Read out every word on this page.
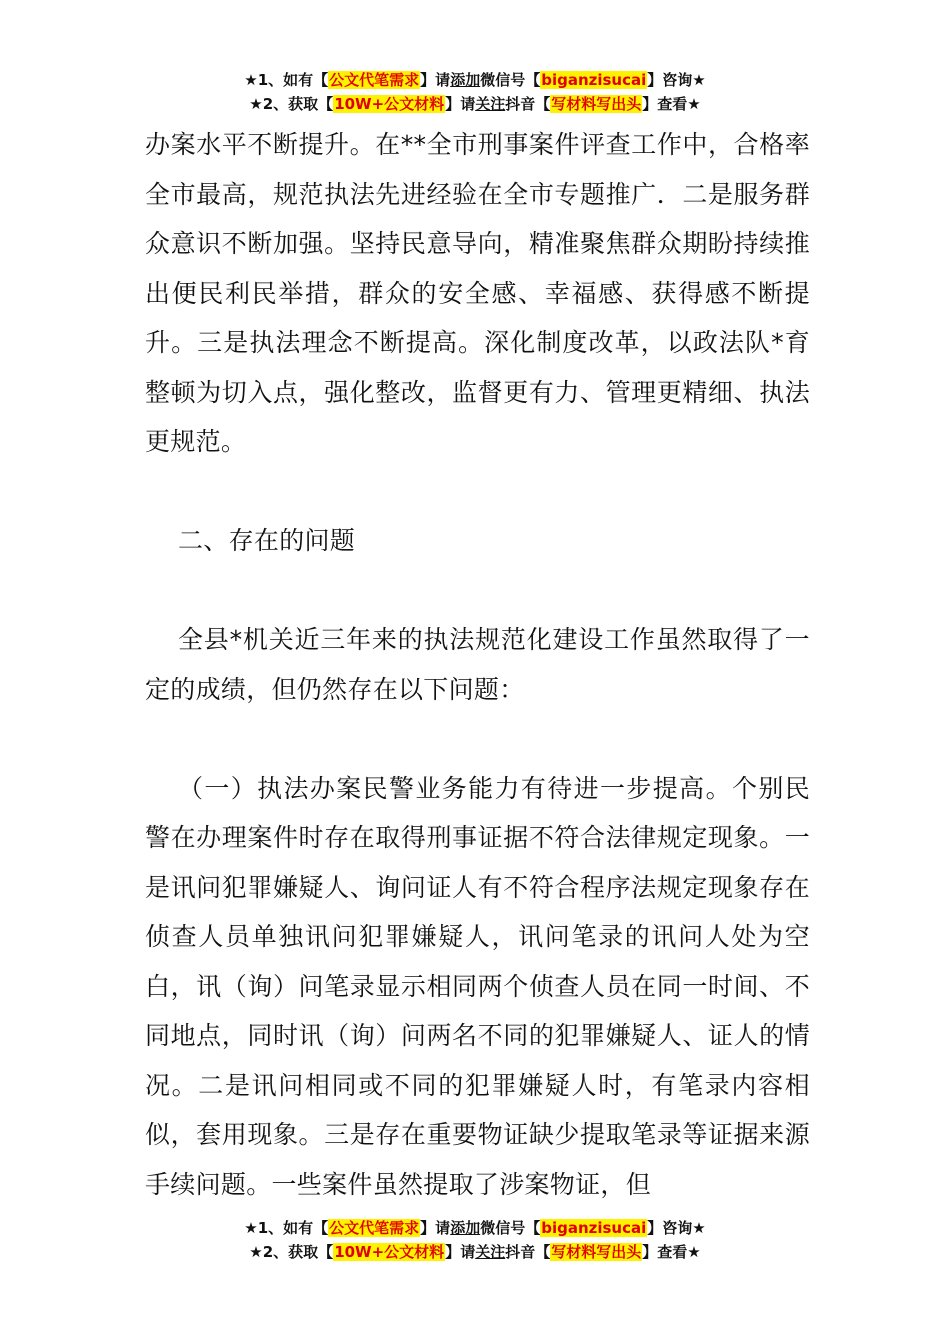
★1、如有【公文代笔需求】请添加微信号【biganzisucai】咨询★
★2、获取【10W+公文材料】请关注抖音【写材料写出头】查看★

办案水平不断提升。在**全市刑事案件评查工作中，合格率全市最高，规范执法先进经验在全市专题推广．二是服务群众意识不断加强。坚持民意导向，精准聚焦群众期盼持续推出便民利民举措，群众的安全感、幸福感、获得感不断提升。三是执法理念不断提高。深化制度改革，以政法队*育整顿为切入点，强化整改，监督更有力、管理更精细、执法更规范。

二、存在的问题

全县*机关近三年来的执法规范化建设工作虽然取得了一定的成绩，但仍然存在以下问题：

（一）执法办案民警业务能力有待进一步提高。个别民警在办理案件时存在取得刑事证据不符合法律规定现象。一是讯问犯罪嫌疑人、询问证人有不符合程序法规定现象存在侦查人员单独讯问犯罪嫌疑人，讯问笔录的讯问人处为空白，讯（询）问笔录显示相同两个侦查人员在同一时间、不同地点，同时讯（询）问两名不同的犯罪嫌疑人、证人的情况。二是讯问相同或不同的犯罪嫌疑人时，有笔录内容相似，套用现象。三是存在重要物证缺少提取笔录等证据来源手续问题。一些案件虽然提取了涉案物证，但

★1、如有【公文代笔需求】请添加微信号【biganzisucai】咨询★
★2、获取【10W+公文材料】请关注抖音【写材料写出头】查看★
